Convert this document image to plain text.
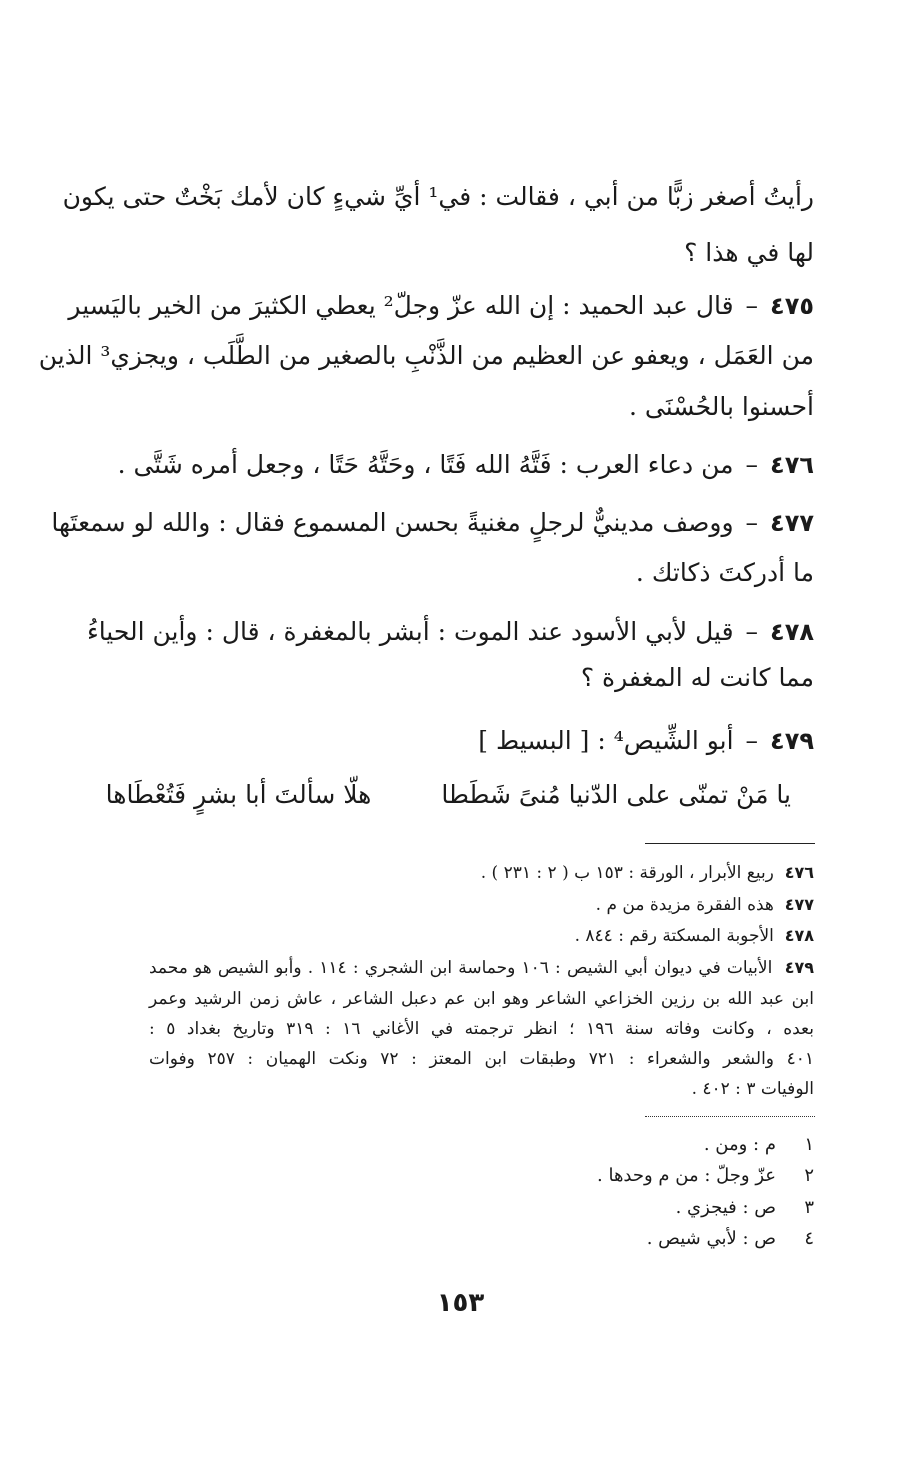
رأيتُ أصغر زبًّا من أبي ، فقالت : في¹ أيِّ شيءٍ كان لأمك بَخْتٌ حتى يكون
لها في هذا ؟
٤٧٥–قال عبد الحميد : إن الله عزّ وجلّ² يعطي الكثيرَ من الخير باليَسير
من العَمَل ، ويعفو عن العظيم من الذَّنْبِ بالصغير من الطَّلَب ، ويجزي³ الذين
أحسنوا بالحُسْنَى .
٤٧٦–من دعاء العرب : فَتَّهُ الله فَتًا ، وحَتَّهُ حَتًا ، وجعل أمره شَتَّى .
٤٧٧–ووصف مدينيٌّ لرجلٍ مغنيةً بحسن المسموع فقال : والله لو سمعتَها
ما أدركتَ ذكاتك .
٤٧٨–قيل لأبي الأسود عند الموت : أبشر بالمغفرة ، قال : وأين الحياءُ
مما كانت له المغفرة ؟
٤٧٩–أبو الشِّيص⁴ : [ البسيط ]
يا مَنْ تمنّى على الدّنيا مُنىً شَطَطاهلّا سألتَ أبا بشرٍ فَتُعْطَاها
٤٧٦  ربيع الأبرار ، الورقة : ١٥٣ ب ( ٢ : ٢٣١ ) .
٤٧٧  هذه الفقرة مزيدة من م .
٤٧٨  الأجوبة المسكتة رقم : ٨٤٤ .
٤٧٩  الأبيات في ديوان أبي الشيص : ١٠٦ وحماسة ابن الشجري : ١١٤ . وأبو الشيص هو محمد
ابن عبد الله بن رزين الخزاعي الشاعر وهو ابن عم دعبل الشاعر ، عاش زمن الرشيد وعمر
بعده ، وكانت وفاته سنة ١٩٦ ؛ انظر ترجمته في الأغاني ١٦ : ٣١٩ وتاريخ بغداد ٥ :
٤٠١ والشعر والشعراء : ٧٢١ وطبقات ابن المعتز : ٧٢ ونكت الهميان : ٢٥٧ وفوات
الوفيات ٣ : ٤٠٢ .
١م : ومن .
٢عزّ وجلّ : من م وحدها .
٣ص : فيجزي .
٤ص : لأبي شيص .
١٥٣
